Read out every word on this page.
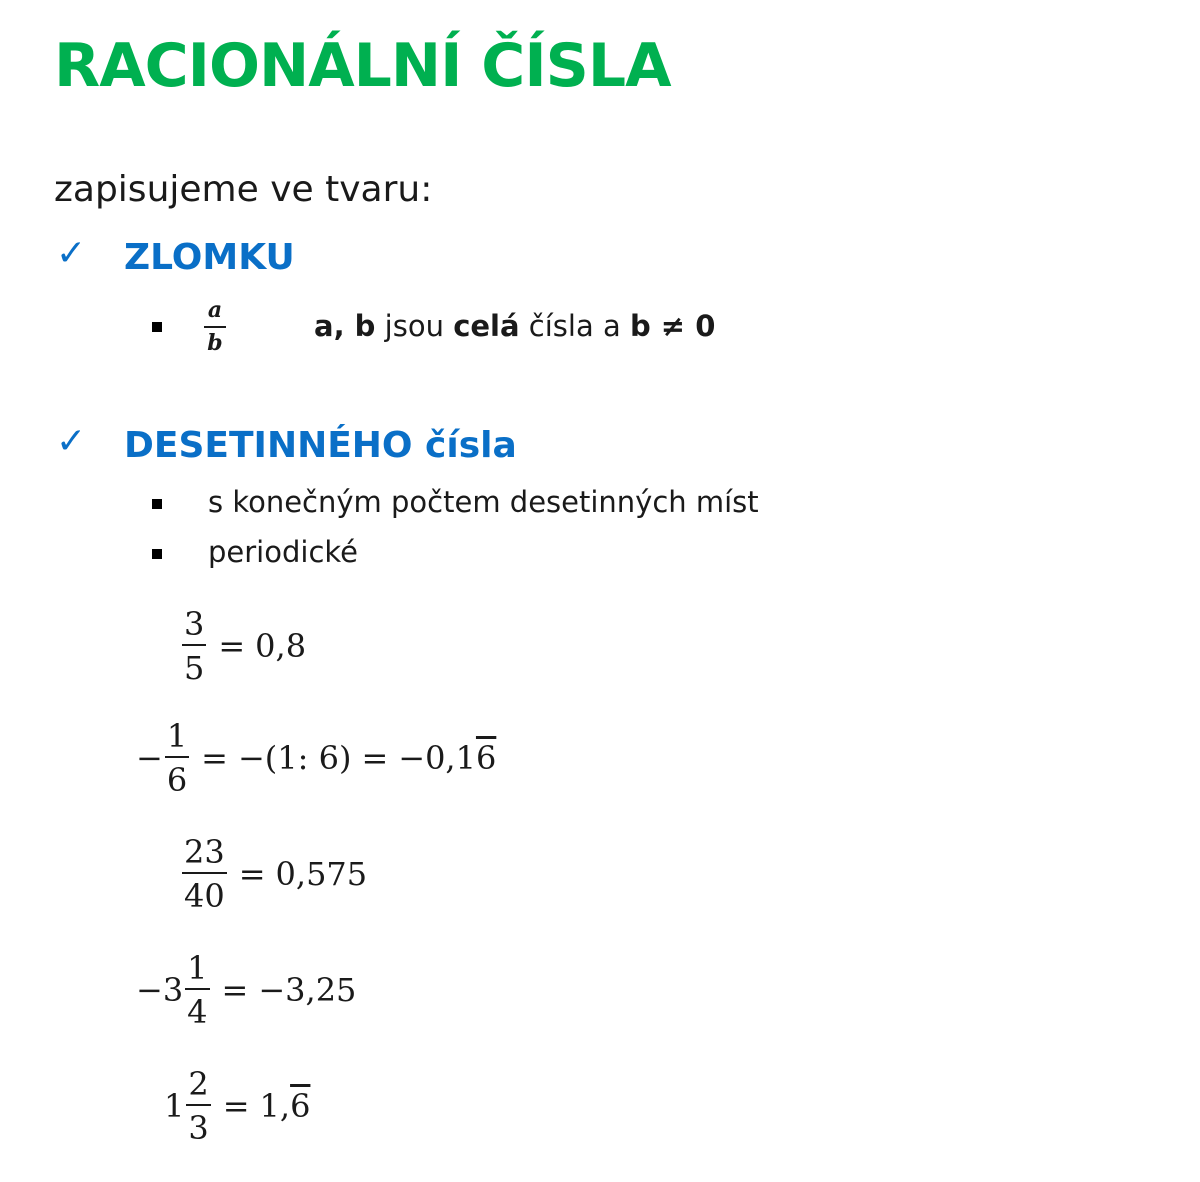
RACIONÁLNÍ ČÍSLA
zapisujeme ve tvaru:
✓ ZLOMKU
a
b
a, b jsou celá čísla a b ≠ 0
✓ DESETINNÉHO čísla
s konečným počtem desetinných míst
periodické
$\frac{3}{5} = 0,8$
− $\frac{1}{6} = -(1$: 6) = −0,16
$\frac{23}{40} = 0,575$
$-3 \frac{1}{4} = -3,25$
$1 \frac{2}{3} = 1,6$
